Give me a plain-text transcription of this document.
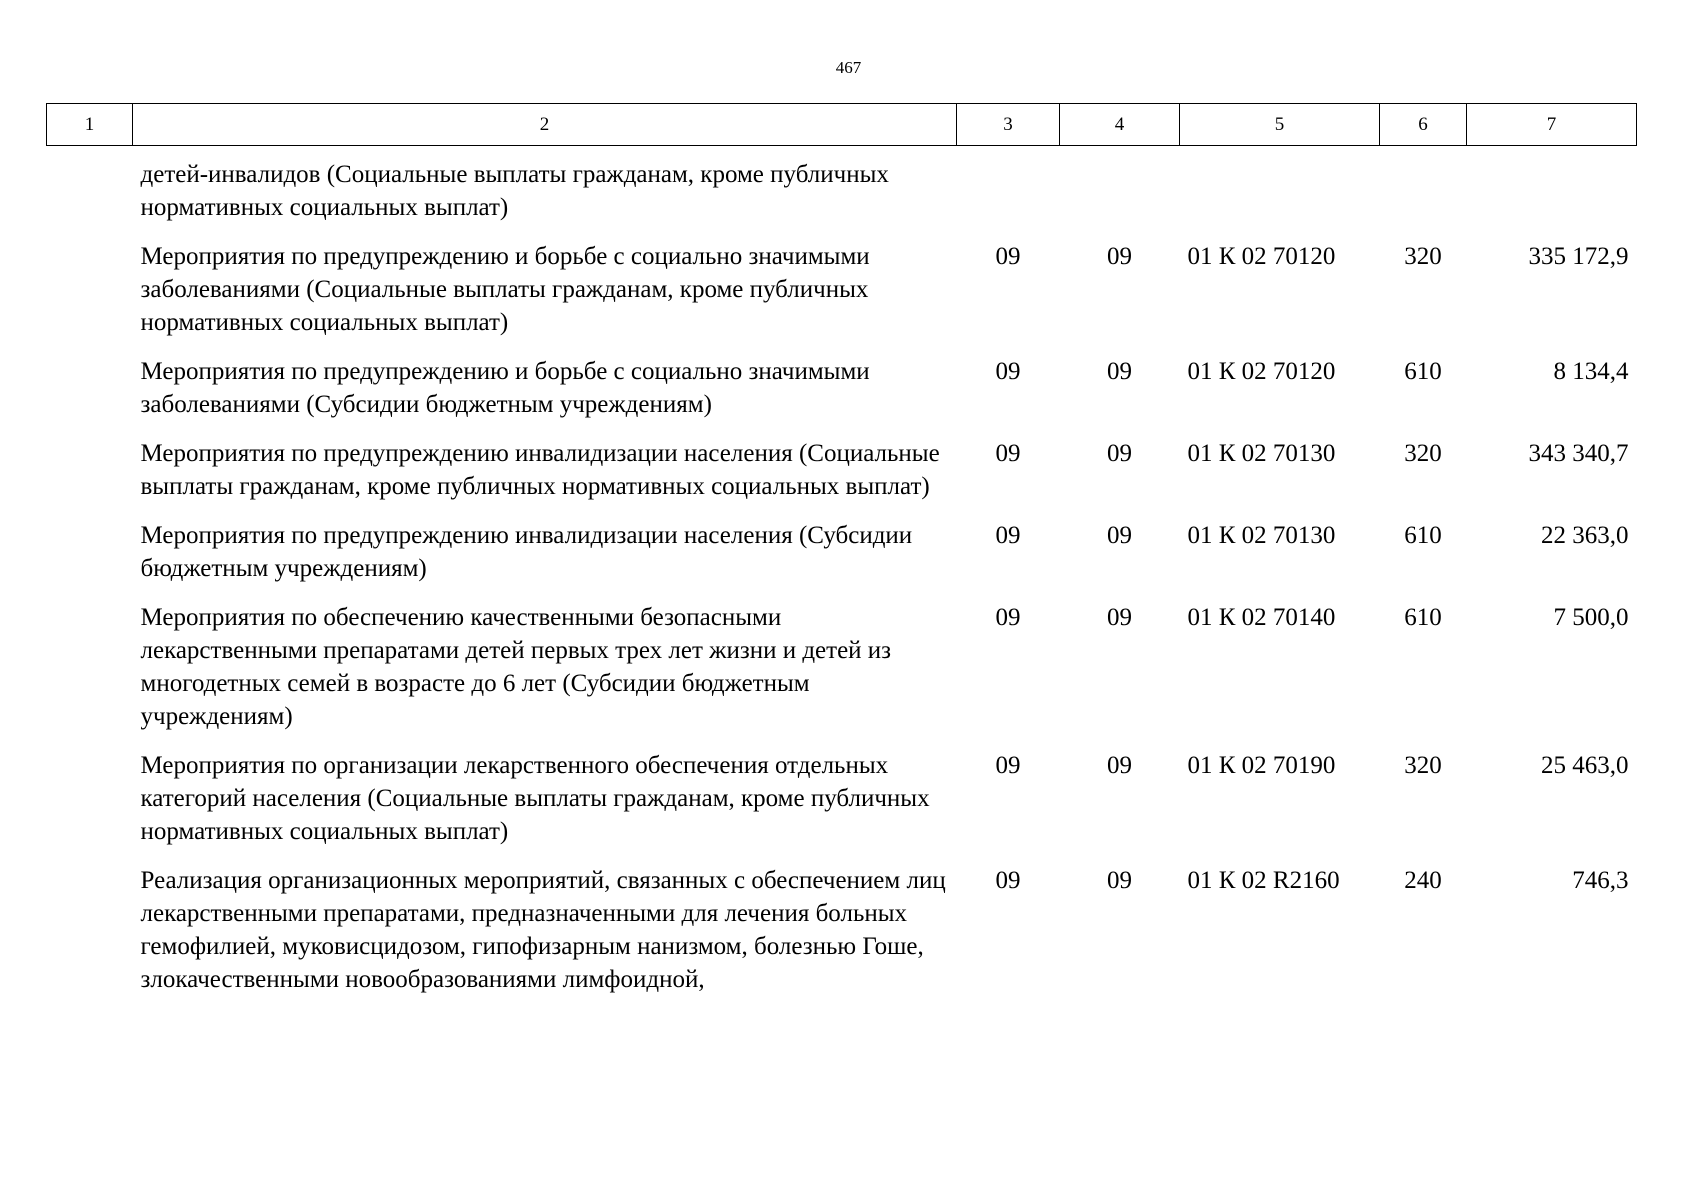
467
1	2	3	4	5	6	7
	детей-инвалидов (Социальные выплаты гражданам, кроме публичных нормативных социальных выплат)					
	Мероприятия по предупреждению и борьбе с социально значимыми заболеваниями (Социальные выплаты гражданам, кроме публичных нормативных социальных выплат)	09	09	01 К 02 70120	320	335 172,9
	Мероприятия по предупреждению и борьбе с социально значимыми заболеваниями (Субсидии бюджетным учреждениям)	09	09	01 К 02 70120	610	8 134,4
	Мероприятия по предупреждению инвалидизации населения (Социальные выплаты гражданам, кроме публичных нормативных социальных выплат)	09	09	01 К 02 70130	320	343 340,7
	Мероприятия по предупреждению инвалидизации населения (Субсидии бюджетным учреждениям)	09	09	01 К 02 70130	610	22 363,0
	Мероприятия по обеспечению качественными безопасными лекарственными препаратами детей первых трех лет жизни и детей из многодетных семей в возрасте до 6 лет (Субсидии бюджетным учреждениям)	09	09	01 К 02 70140	610	7 500,0
	Мероприятия по организации лекарственного обеспечения отдельных категорий населения (Социальные выплаты гражданам, кроме публичных нормативных социальных выплат)	09	09	01 К 02 70190	320	25 463,0
	Реализация организационных мероприятий, связанных с обеспечением лиц лекарственными препаратами, предназначенными для лечения больных гемофилией, муковисцидозом, гипофизарным нанизмом, болезнью Гоше, злокачественными новообразованиями лимфоидной,	09	09	01 К 02 R2160	240	746,3
